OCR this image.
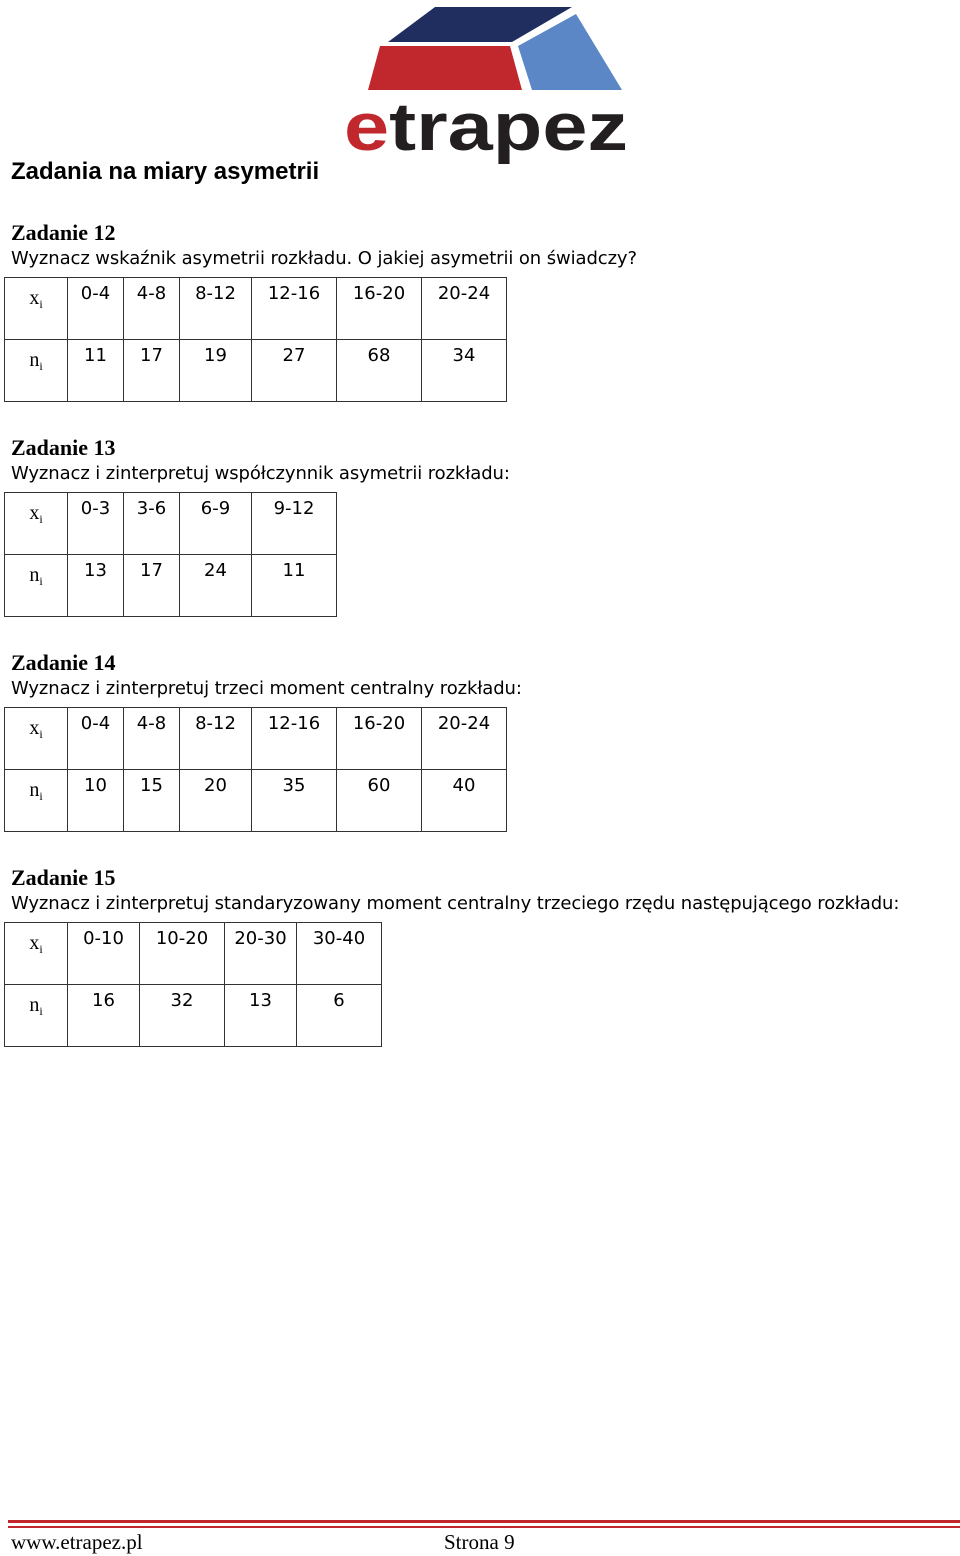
e trapez
Zadania na miary asymetrii
Zadanie 12
Wyznacz wskaźnik asymetrii rozkładu. O jakiej asymetrii on świadczy?
$x_i$	0-4	4-8	8-12	12-16	16-20	20-24

$n_i$	11	17	19	27	68	34
Zadanie 13
Wyznacz i zinterpretuj współczynnik asymetrii rozkładu:
$x_i$	0-3	3-6	6-9	9-12

$n_i$	13	17	24	11
Zadanie 14
Wyznacz i zinterpretuj trzeci moment centralny rozkładu:
$x_i$	0-4	4-8	8-12	12-16	16-20	20-24

$n_i$	10	15	20	35	60	40
Zadanie 15
Wyznacz i zinterpretuj standaryzowany moment centralny trzeciego rzędu następującego rozkładu:
$x_i$	0-10	10-20	20-30	30-40

$n_i$	16	32	13	6
www.etrapez.pl	Strona 9
